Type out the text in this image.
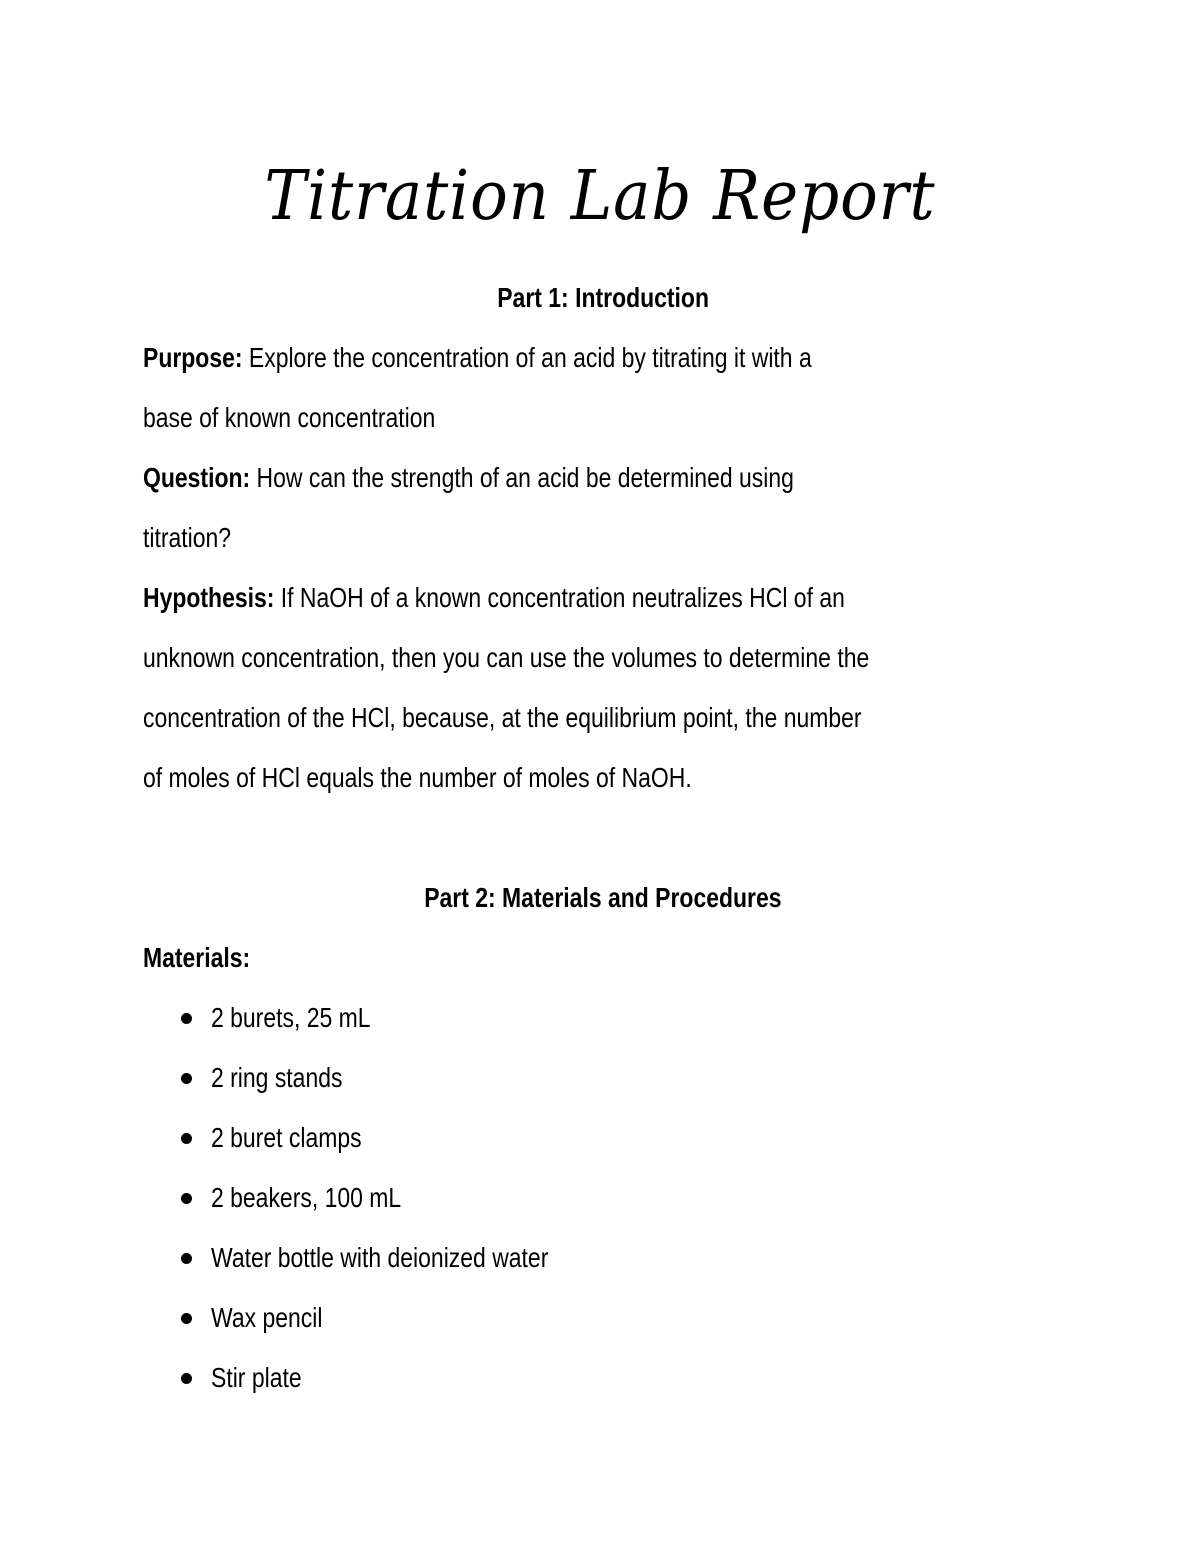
Titration Lab Report
Part 1: Introduction
Purpose: Explore the concentration of an acid by titrating it with a
base of known concentration
Question: How can the strength of an acid be determined using
titration?
Hypothesis: If NaOH of a known concentration neutralizes HCl of an
unknown concentration, then you can use the volumes to determine the
concentration of the HCl, because, at the equilibrium point, the number
of moles of HCl equals the number of moles of NaOH.
Part 2: Materials and Procedures
Materials:
2 burets, 25 mL
2 ring stands
2 buret clamps
2 beakers, 100 mL
Water bottle with deionized water
Wax pencil
Stir plate
